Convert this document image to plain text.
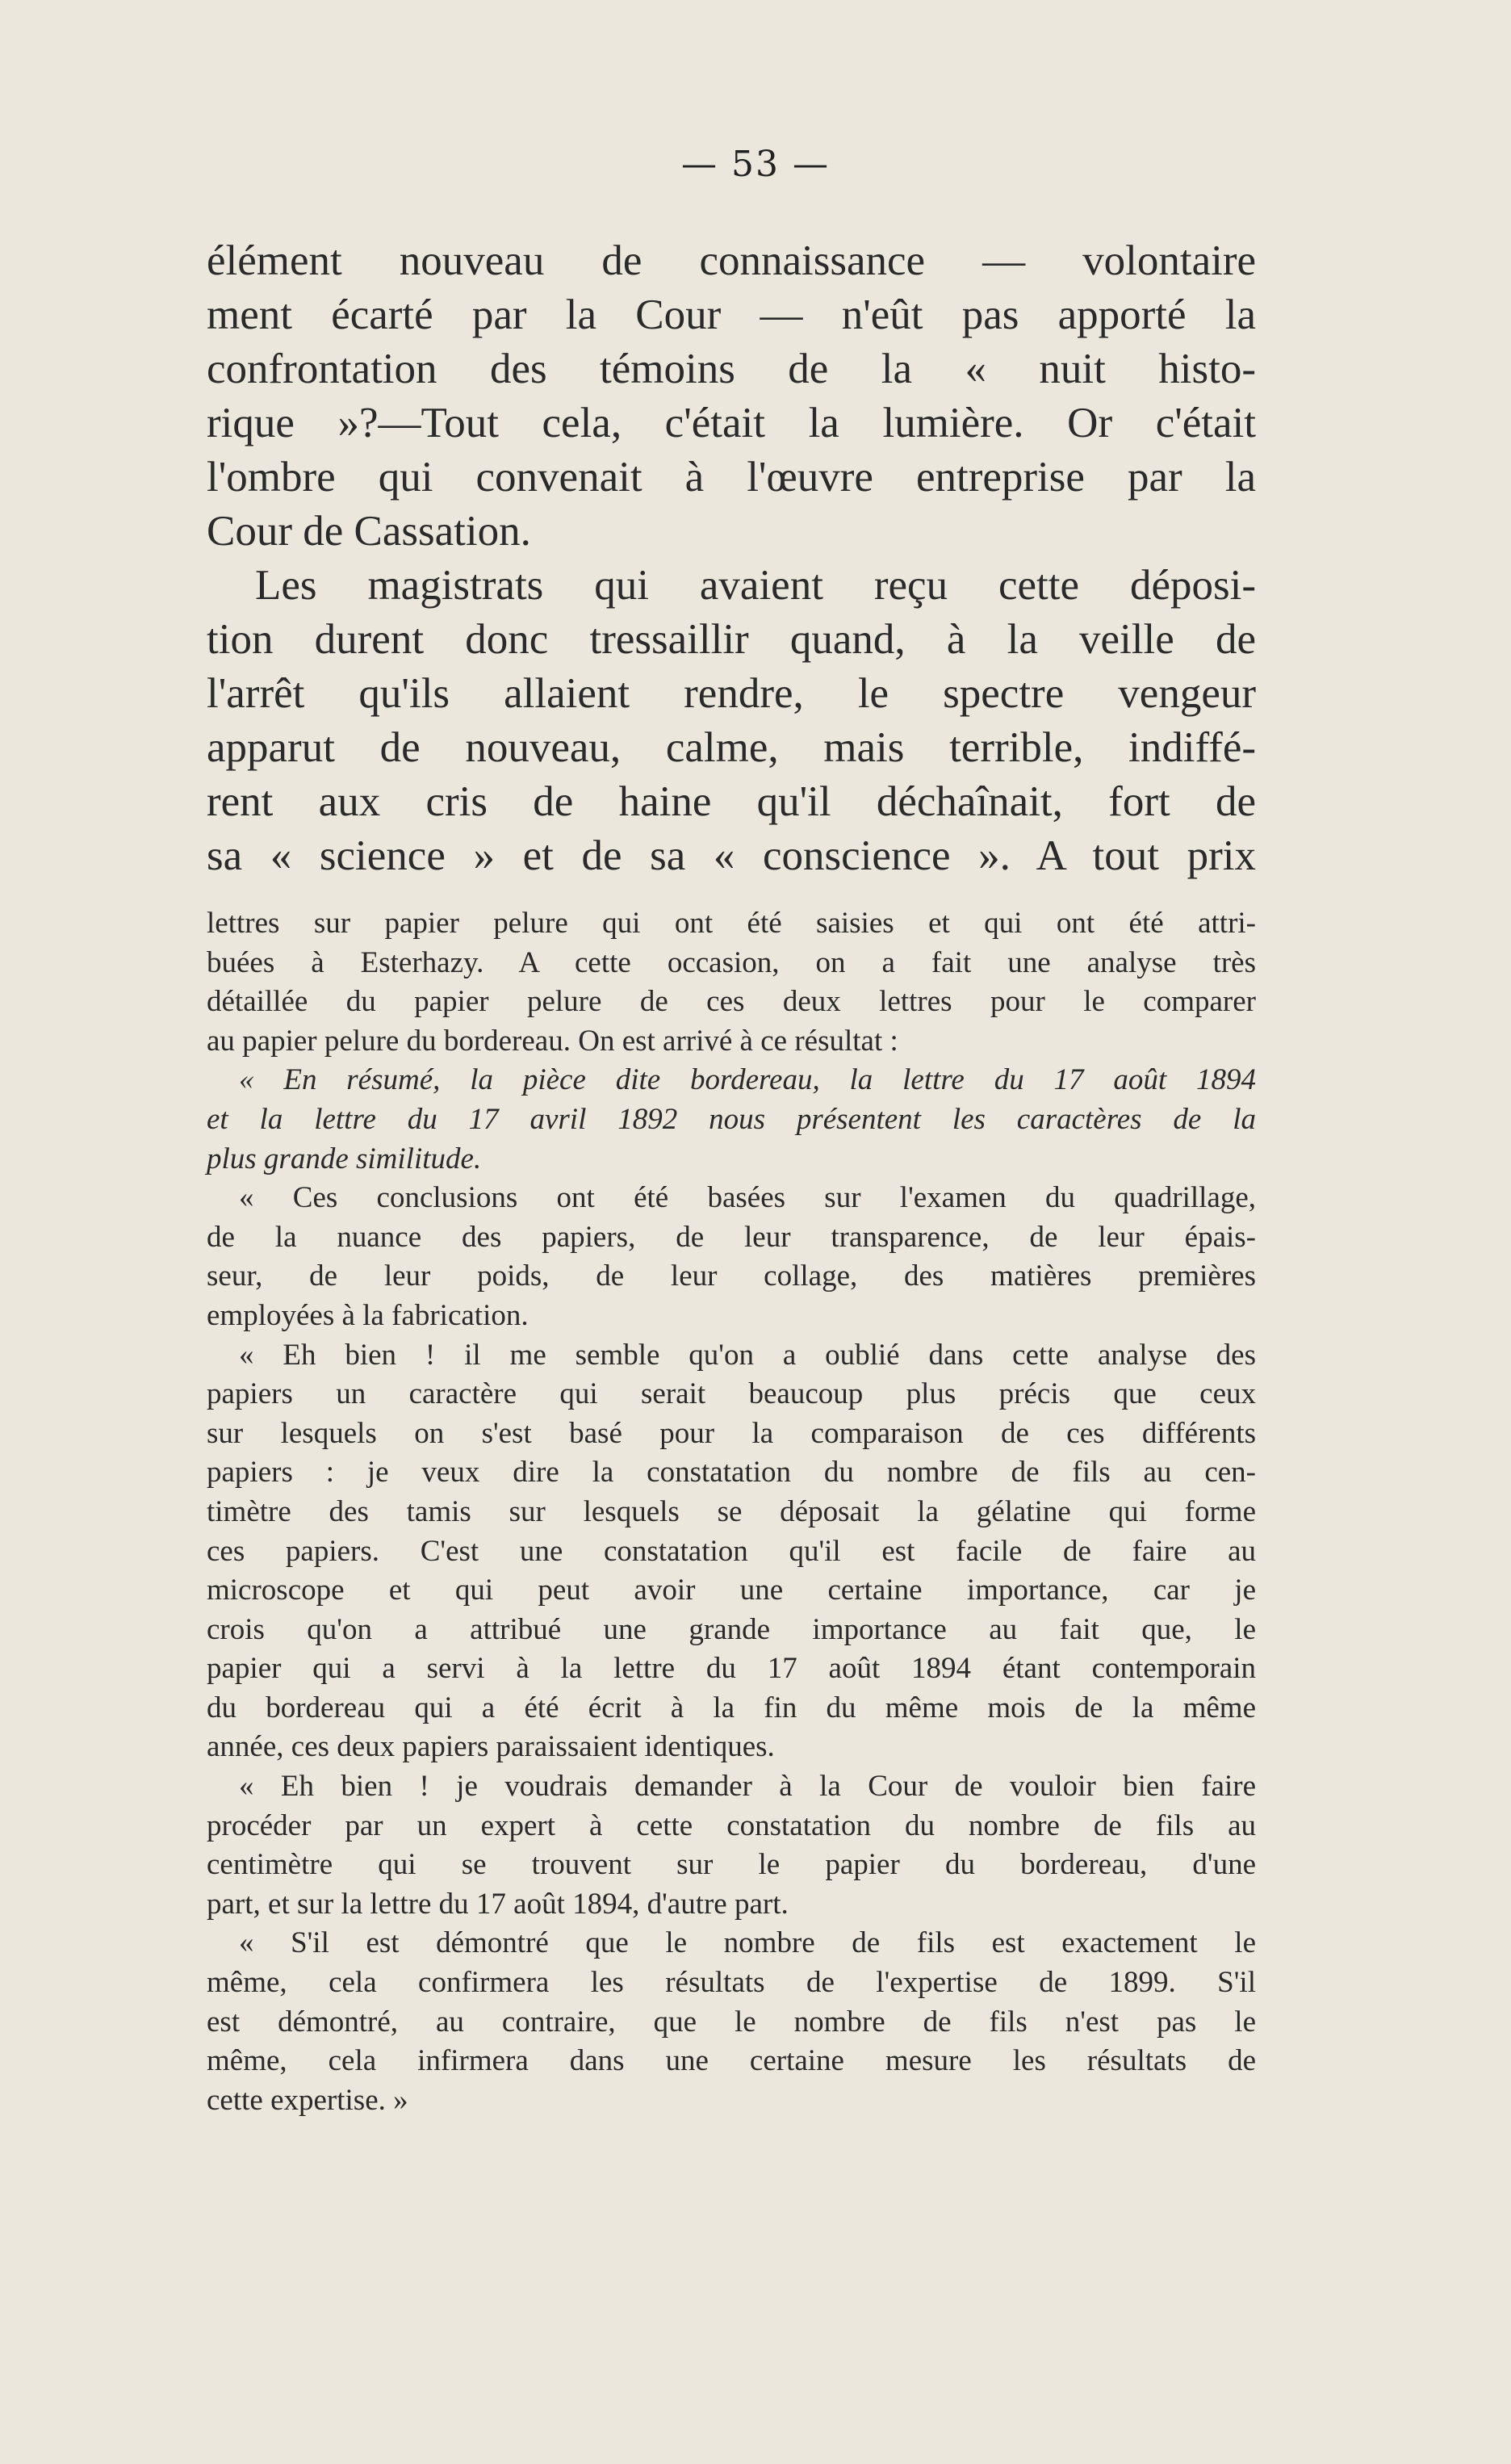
— 53 —
élément nouveau de connaissance — volontaire
ment écarté par la Cour — n'eût pas apporté la
confrontation des témoins de la « nuit histo-
rique »?—Tout cela, c'était la lumière. Or c'était
l'ombre qui convenait à l'œuvre entreprise par la
Cour de Cassation.
Les magistrats qui avaient reçu cette déposi-
tion durent donc tressaillir quand, à la veille de
l'arrêt qu'ils allaient rendre, le spectre vengeur
apparut de nouveau, calme, mais terrible, indiffé-
rent aux cris de haine qu'il déchaînait, fort de
sa « science » et de sa « conscience ». A tout prix
lettres sur papier pelure qui ont été saisies et qui ont été attri-
buées à Esterhazy. A cette occasion, on a fait une analyse très
détaillée du papier pelure de ces deux lettres pour le comparer
au papier pelure du bordereau. On est arrivé à ce résultat :
« En résumé, la pièce dite bordereau, la lettre du 17 août 1894
et la lettre du 17 avril 1892 nous présentent les caractères de la
plus grande similitude.
« Ces conclusions ont été basées sur l'examen du quadrillage,
de la nuance des papiers, de leur transparence, de leur épais-
seur, de leur poids, de leur collage, des matières premières
employées à la fabrication.
« Eh bien ! il me semble qu'on a oublié dans cette analyse des
papiers un caractère qui serait beaucoup plus précis que ceux
sur lesquels on s'est basé pour la comparaison de ces différents
papiers : je veux dire la constatation du nombre de fils au cen-
timètre des tamis sur lesquels se déposait la gélatine qui forme
ces papiers. C'est une constatation qu'il est facile de faire au
microscope et qui peut avoir une certaine importance, car je
crois qu'on a attribué une grande importance au fait que, le
papier qui a servi à la lettre du 17 août 1894 étant contemporain
du bordereau qui a été écrit à la fin du même mois de la même
année, ces deux papiers paraissaient identiques.
« Eh bien ! je voudrais demander à la Cour de vouloir bien faire
procéder par un expert à cette constatation du nombre de fils au
centimètre qui se trouvent sur le papier du bordereau, d'une
part, et sur la lettre du 17 août 1894, d'autre part.
« S'il est démontré que le nombre de fils est exactement le
même, cela confirmera les résultats de l'expertise de 1899. S'il
est démontré, au contraire, que le nombre de fils n'est pas le
même, cela infirmera dans une certaine mesure les résultats de
cette expertise. »
